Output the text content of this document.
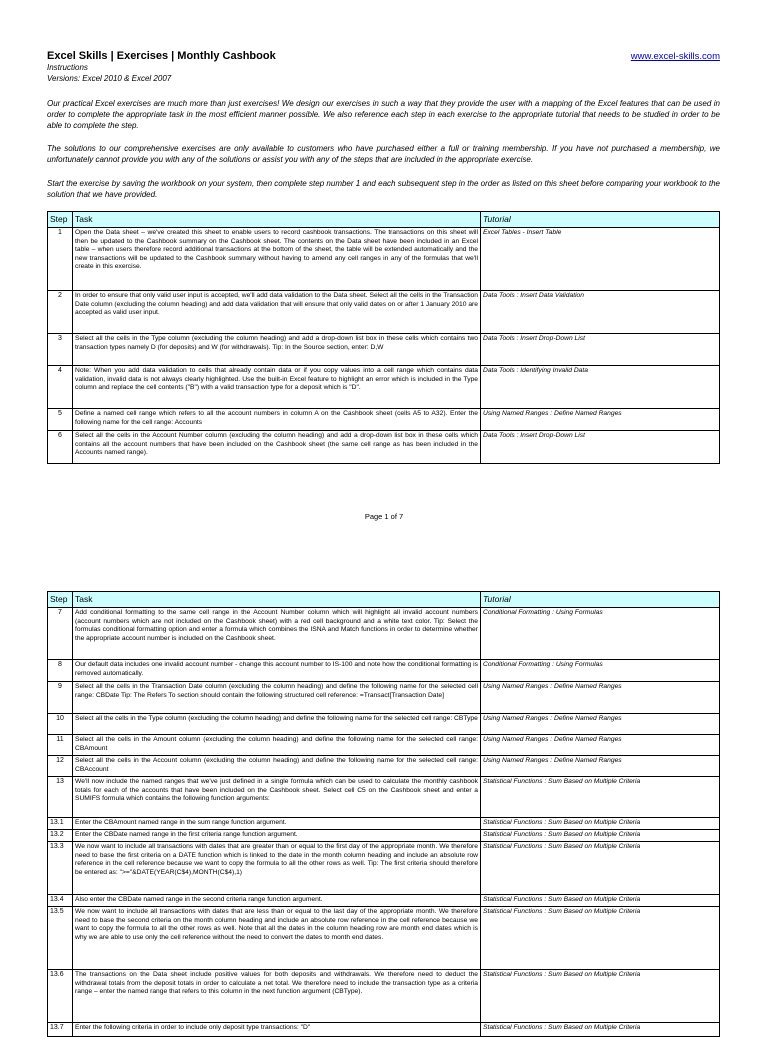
Excel Skills | Exercises | Monthly Cashbook	www.excel-skills.com
Instructions
Versions: Excel 2010 & Excel 2007
Our practical Excel exercises are much more than just exercises! We design our exercises in such a way that they provide the user with a mapping of the Excel features that can be used in order to complete the appropriate task in the most efficient manner possible. We also reference each step in each exercise to the appropriate tutorial that needs to be studied in order to be able to complete the step.
The solutions to our comprehensive exercises are only available to customers who have purchased either a full or training membership. If you have not purchased a membership, we unfortunately cannot provide you with any of the solutions or assist you with any of the steps that are included in the appropriate exercise.
Start the exercise by saving the workbook on your system, then complete step number 1 and each subsequent step in the order as listed on this sheet before comparing your workbook to the solution that we have provided.
Step	Task	Tutorial
1	Open the Data sheet – we've created this sheet to enable users to record cashbook transactions. The transactions on this sheet will then be updated to the Cashbook summary on the Cashbook sheet. The contents on the Data sheet have been included in an Excel table – when users therefore record additional transactions at the bottom of the sheet, the table will be extended automatically and the new transactions will be updated to the Cashbook summary without having to amend any cell ranges in any of the formulas that we'll create in this exercise.	Excel Tables - Insert Table
2	In order to ensure that only valid user input is accepted, we'll add data validation to the Data sheet. Select all the cells in the Transaction Date column (excluding the column heading) and add data validation that will ensure that only valid dates on or after 1 January 2010 are accepted as valid user input.	Data Tools : Insert Data Validation
3	Select all the cells in the Type column (excluding the column heading) and add a drop-down list box in these cells which contains two transaction types namely D (for deposits) and W (for withdrawals). Tip: In the Source section, enter: D,W	Data Tools : Insert Drop-Down List
4	Note: When you add data validation to cells that already contain data or if you copy values into a cell range which contains data validation, invalid data is not always clearly highlighted. Use the built-in Excel feature to highlight an error which is included in the Type column and replace the cell contents ("B") with a valid transaction type for a deposit which is "D".	Data Tools : Identifying Invalid Data
5	Define a named cell range which refers to all the account numbers in column A on the Cashbook sheet (cells A5 to A32). Enter the following name for the cell range: Accounts	Using Named Ranges : Define Named Ranges
6	Select all the cells in the Account Number column (excluding the column heading) and add a drop-down list box in these cells which contains all the account numbers that have been included on the Cashbook sheet (the same cell range as has been included in the Accounts named range).	Data Tools : Insert Drop-Down List
Page 1 of 7
Step	Task	Tutorial
7	Add conditional formatting to the same cell range in the Account Number column which will highlight all invalid account numbers (account numbers which are not included on the Cashbook sheet) with a red cell background and a white text color. Tip: Select the formulas conditional formatting option and enter a formula which combines the ISNA and Match functions in order to determine whether the appropriate account number is included on the Cashbook sheet.	Conditional Formatting : Using Formulas
8	Our default data includes one invalid account number - change this account number to IS-100 and note how the conditional formatting is removed automatically.	Conditional Formatting : Using Formulas
9	Select all the cells in the Transaction Date column (excluding the column heading) and define the following name for the selected cell range: CBDate Tip: The Refers To section should contain the following structured cell reference: =Transact[Transaction Date]	Using Named Ranges : Define Named Ranges
10	Select all the cells in the Type column (excluding the column heading) and define the following name for the selected cell range: CBType	Using Named Ranges : Define Named Ranges
11	Select all the cells in the Amount column (excluding the column heading) and define the following name for the selected cell range: CBAmount	Using Named Ranges : Define Named Ranges
12	Select all the cells in the Account column (excluding the column heading) and define the following name for the selected cell range: CBAccount	Using Named Ranges : Define Named Ranges
13	We'll now include the named ranges that we've just defined in a single formula which can be used to calculate the monthly cashbook totals for each of the accounts that have been included on the Cashbook sheet. Select cell C5 on the Cashbook sheet and enter a SUMIFS formula which contains the following function arguments:	Statistical Functions : Sum Based on Multiple Criteria
13.1	Enter the CBAmount named range in the sum range function argument.	Statistical Functions : Sum Based on Multiple Criteria
13.2	Enter the CBDate named range in the first criteria range function argument.	Statistical Functions : Sum Based on Multiple Criteria
13.3	We now want to include all transactions with dates that are greater than or equal to the first day of the appropriate month. We therefore need to base the first criteria on a DATE function which is linked to the date in the month column heading and include an absolute row reference in the cell reference because we want to copy the formula to all the other rows as well. Tip: The first criteria should therefore be entered as: ">="&DATE(YEAR(C$4),MONTH(C$4),1)	Statistical Functions : Sum Based on Multiple Criteria
13.4	Also enter the CBDate named range in the second criteria range function argument.	Statistical Functions : Sum Based on Multiple Criteria
13.5	We now want to include all transactions with dates that are less than or equal to the last day of the appropriate month. We therefore need to base the second criteria on the month column heading and include an absolute row reference in the cell reference because we want to copy the formula to all the other rows as well. Note that all the dates in the column heading row are month end dates which is why we are able to use only the cell reference without the need to convert the dates to month end dates.	Statistical Functions : Sum Based on Multiple Criteria
13.6	The transactions on the Data sheet include positive values for both deposits and withdrawals. We therefore need to deduct the withdrawal totals from the deposit totals in order to calculate a net total. We therefore need to include the transaction type as a criteria range – enter the named range that refers to this column in the next function argument (CBType).	Statistical Functions : Sum Based on Multiple Criteria
13.7	Enter the following criteria in order to include only deposit type transactions: "D"	Statistical Functions : Sum Based on Multiple Criteria
